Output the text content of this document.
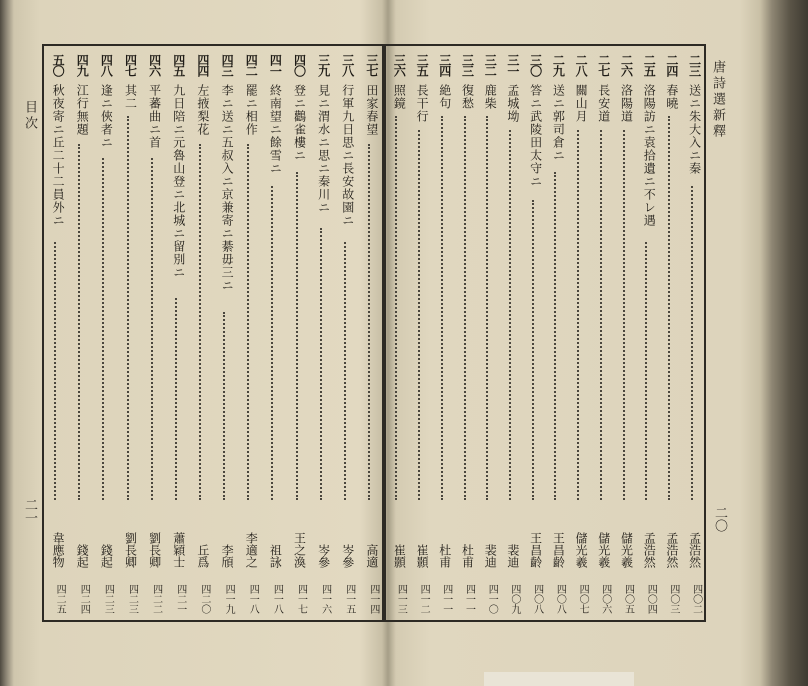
唐詩選新釋
二〇
目次
二一
二三
送ニ朱大入ニ秦
孟浩然
四〇二
二四
春曉
孟浩然
四〇三
二五
洛陽訪ニ袁拾遺ニ不レ遇
孟浩然
四〇四
二六
洛陽道
儲光羲
四〇五
二七
長安道
儲光羲
四〇六
二八
關山月
儲光羲
四〇七
二九
送ニ郭司倉ニ
王昌齡
四〇八
三〇
答ニ武陵田太守ニ
王昌齡
四〇八
三一
孟城坳
裴迪
四〇九
三二
鹿柴
裴迪
四一〇
三三
復愁
杜甫
四一一
三四
絶句
杜甫
四一一
三五
長干行
崔顥
四一二
三六
照鏡
崔顥
四一三
三七
田家春望
高適
四一四
三八
行軍九日思ニ長安故園ニ
岑參
四一五
三九
見ニ渭水ニ思ニ秦川ニ
岑參
四一六
四〇
登ニ鸛雀樓ニ
王之渙
四一七
四一
終南望ニ餘雪ニ
祖詠
四一八
四二
罷ニ相作
李適之
四一八
四三
李ニ送ニ五叔入ニ京兼寄ニ綦毋三ニ
李頎
四一九
四四
左掖梨花
丘爲
四二〇
四五
九日陪ニ元魯山登ニ北城ニ留別ニ
蕭穎士
四二一
四六
平蕃曲ニ首
劉長卿
四二二
四七
其二
劉長卿
四二三
四八
逢ニ俠者ニ
錢起
四二三
四九
江行無題
錢起
四二四
五〇
秋夜寄ニ丘二十二員外ニ
韋應物
四二五
